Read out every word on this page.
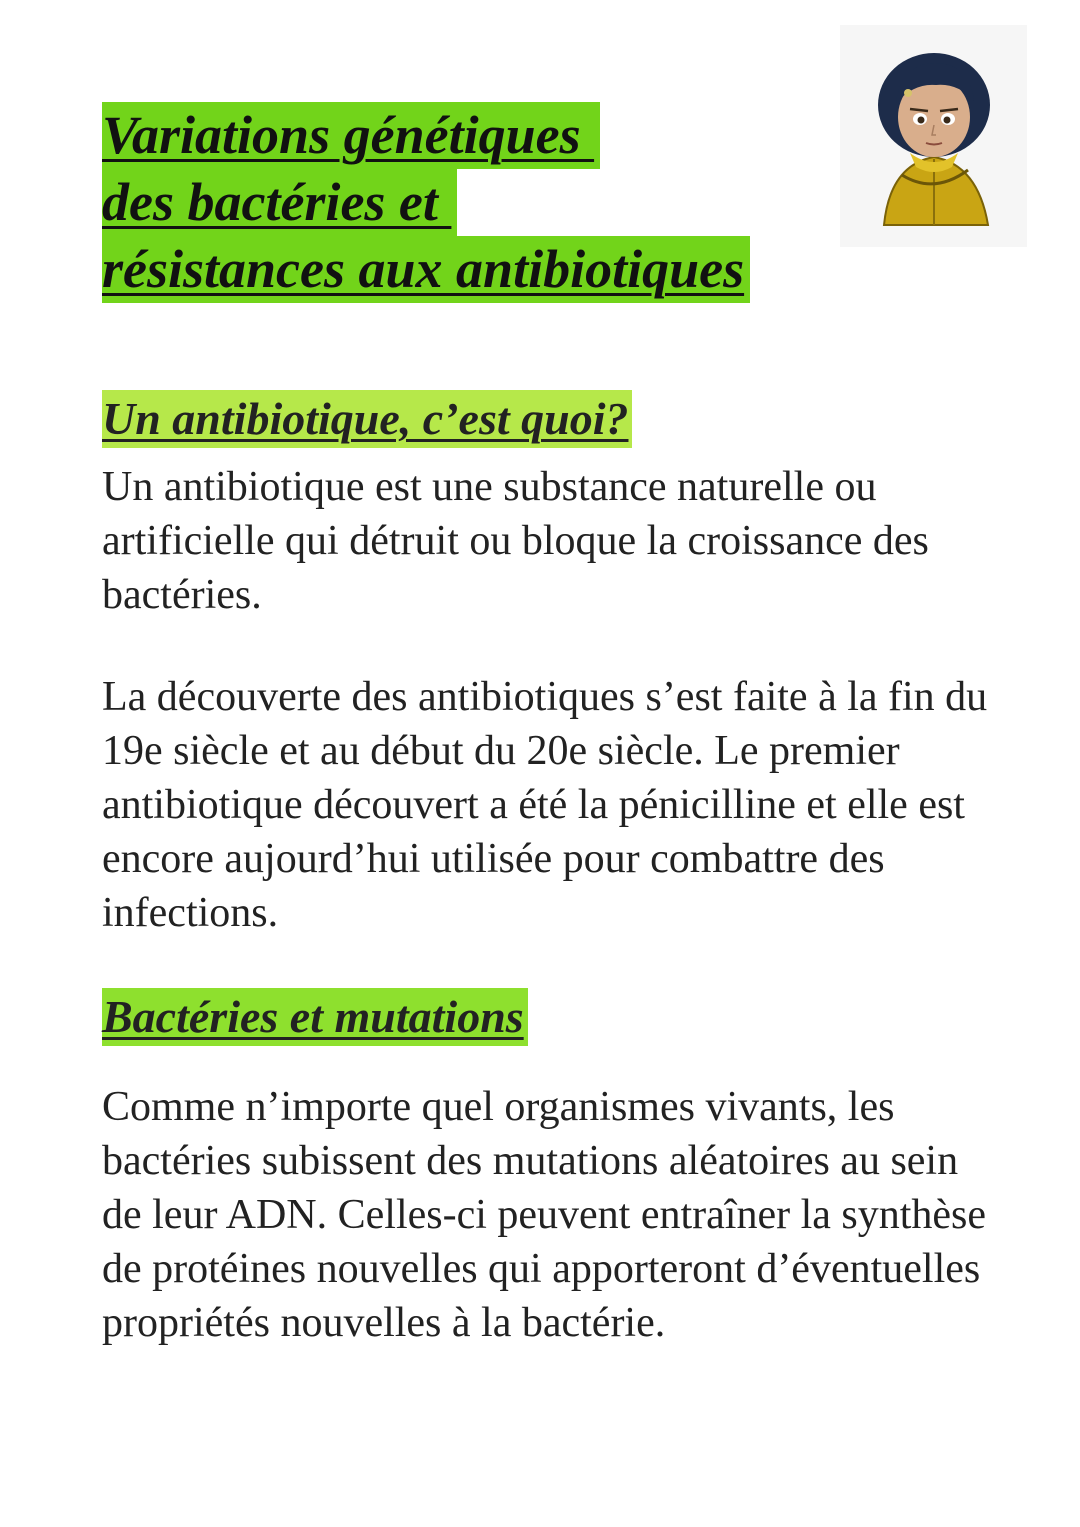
Variations génétiques
des bactéries et
résistances aux antibiotiques
Un antibiotique, c’est quoi?

Un antibiotique est une substance naturelle ou artificielle qui détruit ou bloque la croissance des bactéries.

La découverte des antibiotiques s’est faite à la fin du 19e siècle et au début du 20e siècle. Le premier antibiotique découvert a été la pénicilline et elle est encore aujourd’hui utilisée pour combattre des infections.

Bactéries et mutations

Comme n’importe quel organismes vivants, les bactéries subissent des mutations aléatoires au sein de leur ADN. Celles-ci peuvent entraîner la synthèse de protéines nouvelles qui apporteront d’éventuelles propriétés nouvelles à la bactérie.
